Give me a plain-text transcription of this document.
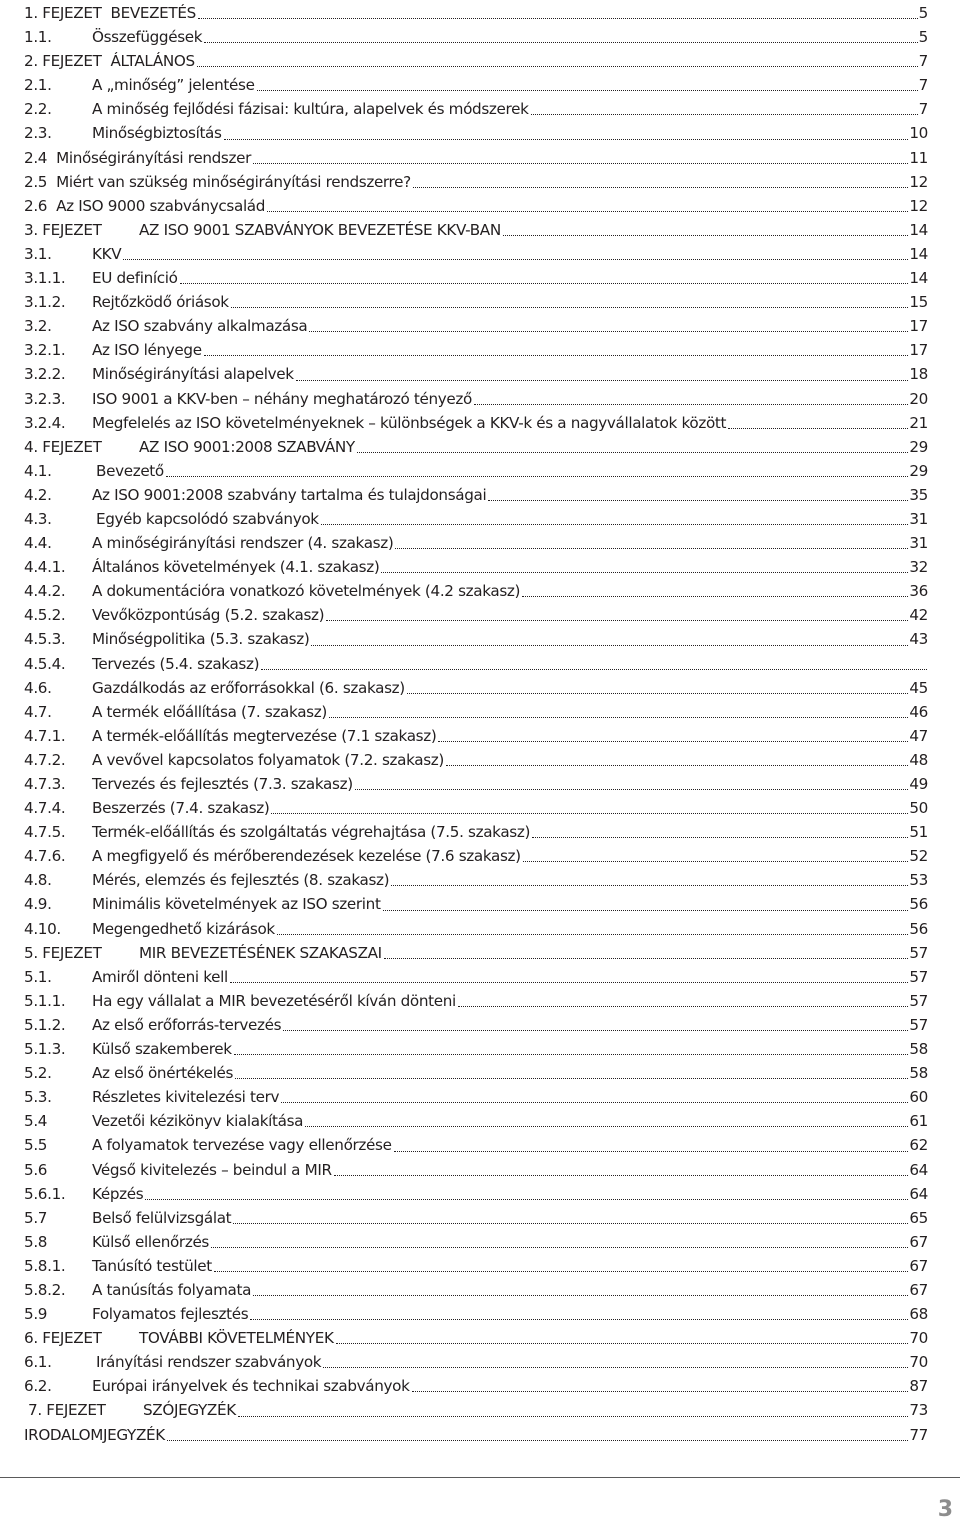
1. FEJEZET BEVEZETÉS	5
1.1.	Összefüggések	5
2. FEJEZET ÁLTALÁNOS	7
2.1.	A „minőség” jelentése	7
2.2.	A minőség fejlődési fázisai: kultúra, alapelvek és módszerek	7
2.3.	Minőségbiztosítás	10
2.4 Minőségirányítási rendszer	11
2.5 Miért van szükség minőségirányítási rendszerre?	12
2.6 Az ISO 9000 szabványcsalád	12
3. FEJEZET	AZ ISO 9001 SZABVÁNYOK BEVEZETÉSE KKV-BAN	14
3.1.	KKV	14
3.1.1.	EU definíció	14
3.1.2.	Rejtőzködő óriások	15
3.2.	Az ISO szabvány alkalmazása	17
3.2.1.	Az ISO lényege	17
3.2.2.	Minőségirányítási alapelvek	18
3.2.3.	ISO 9001 a KKV-ben – néhány meghatározó tényező	20
3.2.4.	Megfelelés az ISO követelményeknek – különbségek a KKV-k és a nagyvállalatok között	21
4. FEJEZET	AZ ISO 9001:2008 SZABVÁNY	29
4.1.	Bevezető	29
4.2.	Az ISO 9001:2008 szabvány tartalma és tulajdonságai	35
4.3.	Egyéb kapcsolódó szabványok	31
4.4.	A minőségirányítási rendszer (4. szakasz)	31
4.4.1.	Általános követelmények (4.1. szakasz)	32
4.4.2.	A dokumentációra vonatkozó követelmények (4.2 szakasz)	36
4.5.2.	Vevőközpontúság (5.2. szakasz)	42
4.5.3.	Minőségpolitika (5.3. szakasz)	43
4.5.4.	Tervezés (5.4. szakasz)
4.6.	Gazdálkodás az erőforrásokkal (6. szakasz)	45
4.7.	A termék előállítása (7. szakasz)	46
4.7.1.	A termék-előállítás megtervezése (7.1 szakasz)	47
4.7.2.	A vevővel kapcsolatos folyamatok (7.2. szakasz)	48
4.7.3.	Tervezés és fejlesztés (7.3. szakasz)	49
4.7.4.	Beszerzés (7.4. szakasz)	50
4.7.5.	Termék-előállítás és szolgáltatás végrehajtása (7.5. szakasz)	51
4.7.6.	A megfigyelő és mérőberendezések kezelése (7.6 szakasz)	52
4.8.	Mérés, elemzés és fejlesztés (8. szakasz)	53
4.9.	Minimális követelmények az ISO szerint	56
4.10.	Megengedhető kizárások	56
5. FEJEZET	MIR BEVEZETÉSÉNEK SZAKASZAI	57
5.1.	Amiről dönteni kell	57
5.1.1.	Ha egy vállalat a MIR bevezetéséről kíván dönteni	57
5.1.2.	Az első erőforrás-tervezés	57
5.1.3.	Külső szakemberek	58
5.2.	Az első önértékelés	58
5.3.	Részletes kivitelezési terv	60
5.4	Vezetői kézikönyv kialakítása	61
5.5	A folyamatok tervezése vagy ellenőrzése	62
5.6	Végső kivitelezés – beindul a MIR	64
5.6.1.	Képzés	64
5.7	Belső felülvizsgálat	65
5.8	Külső ellenőrzés	67
5.8.1.	Tanúsító testület	67
5.8.2.	A tanúsítás folyamata	67
5.9	Folyamatos fejlesztés	68
6. FEJEZET	TOVÁBBI KÖVETELMÉNYEK	70
6.1.	Irányítási rendszer szabványok	70
6.2.	Európai irányelvek és technikai szabványok	87
7. FEJEZET	SZÓJEGYZÉK	73
IRODALOMJEGYZÉK	77
3
